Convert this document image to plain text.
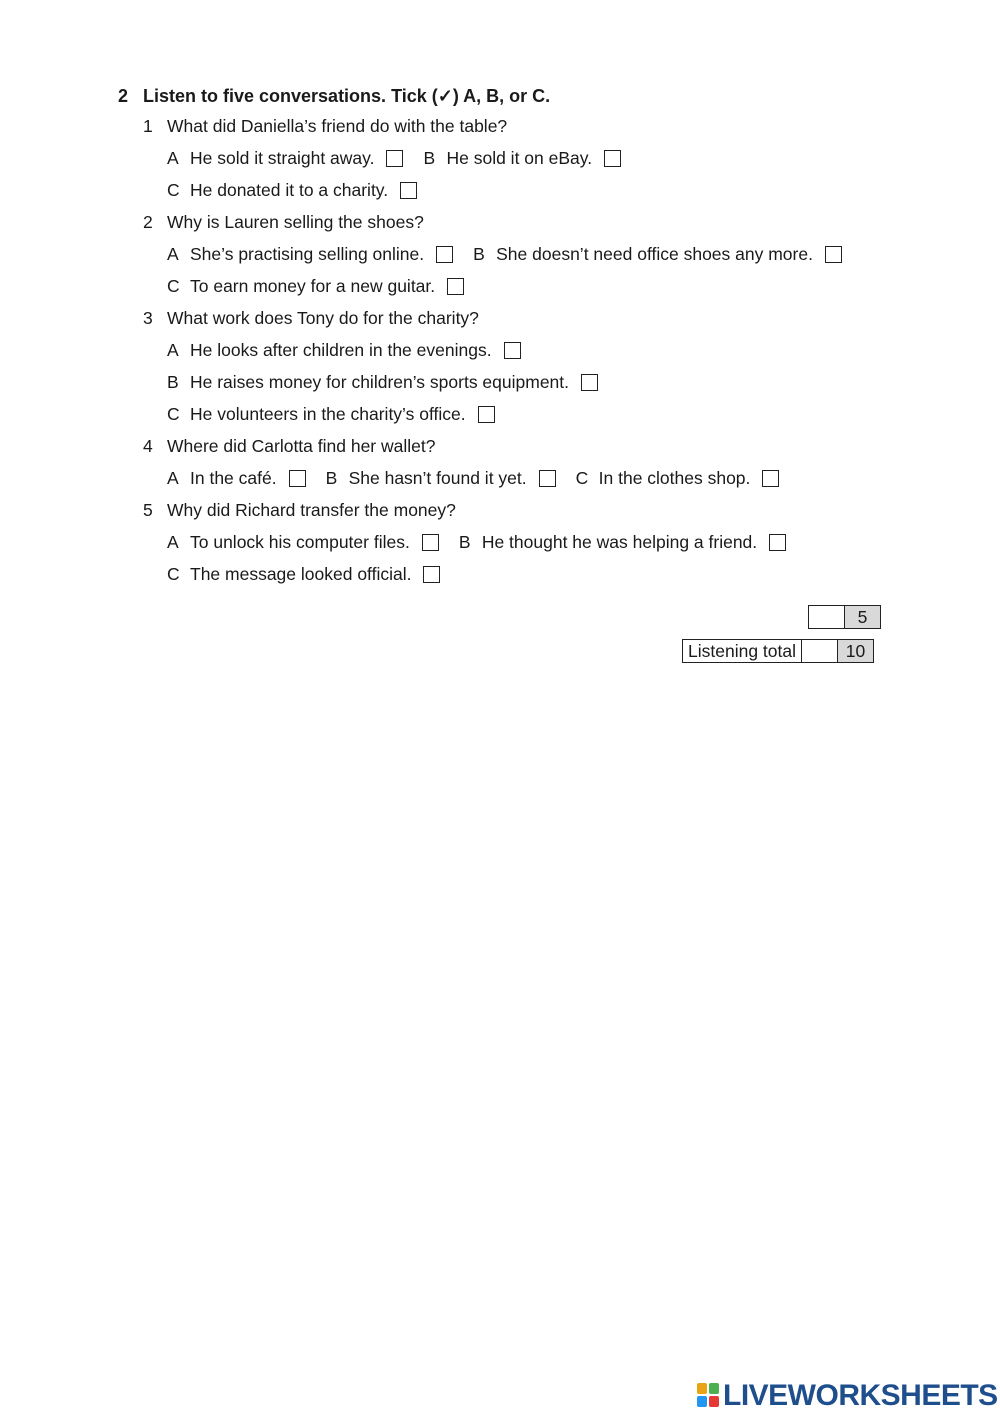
2 Listen to five conversations. Tick (✓) A, B, or C.
1 What did Daniella’s friend do with the table?
A He sold it straight away.	B He sold it on eBay.
C He donated it to a charity.
2 Why is Lauren selling the shoes?
A She’s practising selling online.	B She doesn’t need office shoes any more.
C To earn money for a new guitar.
3 What work does Tony do for the charity?
A He looks after children in the evenings.
B He raises money for children’s sports equipment.
C He volunteers in the charity’s office.
4 Where did Carlotta find her wallet?
A In the café.	B She hasn’t found it yet.	C In the clothes shop.
5 Why did Richard transfer the money?
A To unlock his computer files.	B He thought he was helping a friend.
C The message looked official.
	5
Listening total		10
LIVEWORKSHEETS
